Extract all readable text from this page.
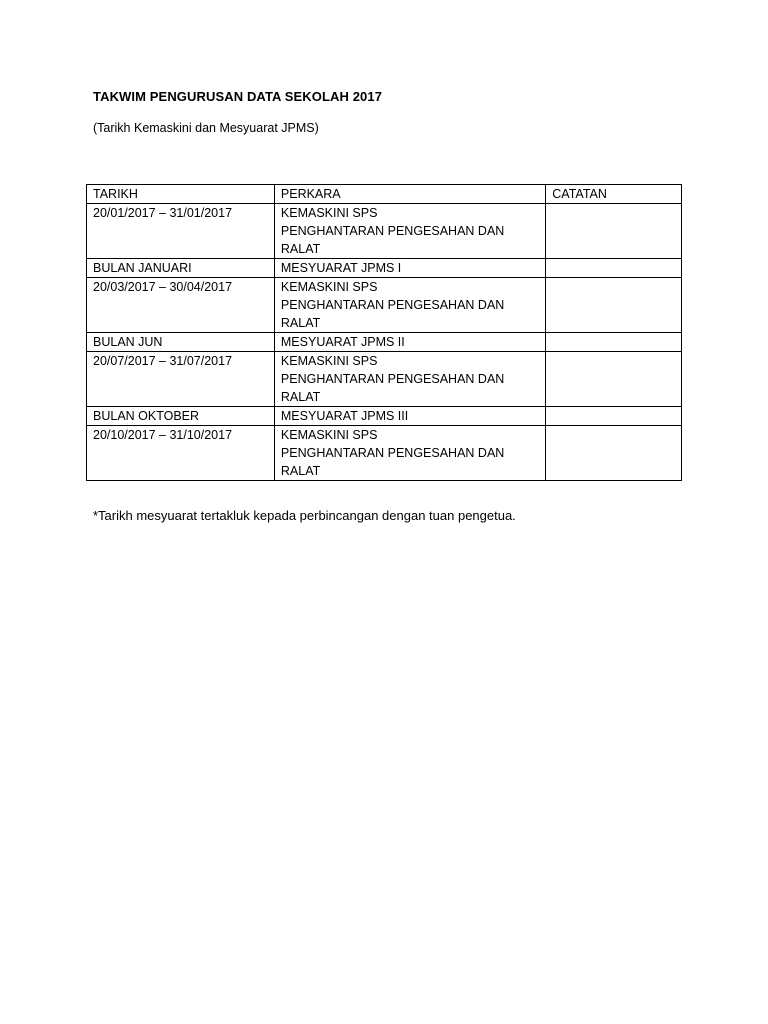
TAKWIM PENGURUSAN DATA SEKOLAH 2017
(Tarikh Kemaskini dan Mesyuarat JPMS)
TARIKH	PERKARA	CATATAN
20/01/2017 – 31/01/2017	KEMASKINI SPS
PENGHANTARAN PENGESAHAN DAN
RALAT	

BULAN JANUARI	MESYUARAT JPMS I	

20/03/2017 – 30/04/2017	KEMASKINI SPS
PENGHANTARAN PENGESAHAN DAN
RALAT	

BULAN JUN	MESYUARAT JPMS II	

20/07/2017 – 31/07/2017	KEMASKINI SPS
PENGHANTARAN PENGESAHAN DAN
RALAT	

BULAN OKTOBER	MESYUARAT JPMS III	

20/10/2017 – 31/10/2017	KEMASKINI SPS
PENGHANTARAN PENGESAHAN DAN
RALAT	

*Tarikh mesyuarat tertakluk kepada perbincangan dengan tuan pengetua.
